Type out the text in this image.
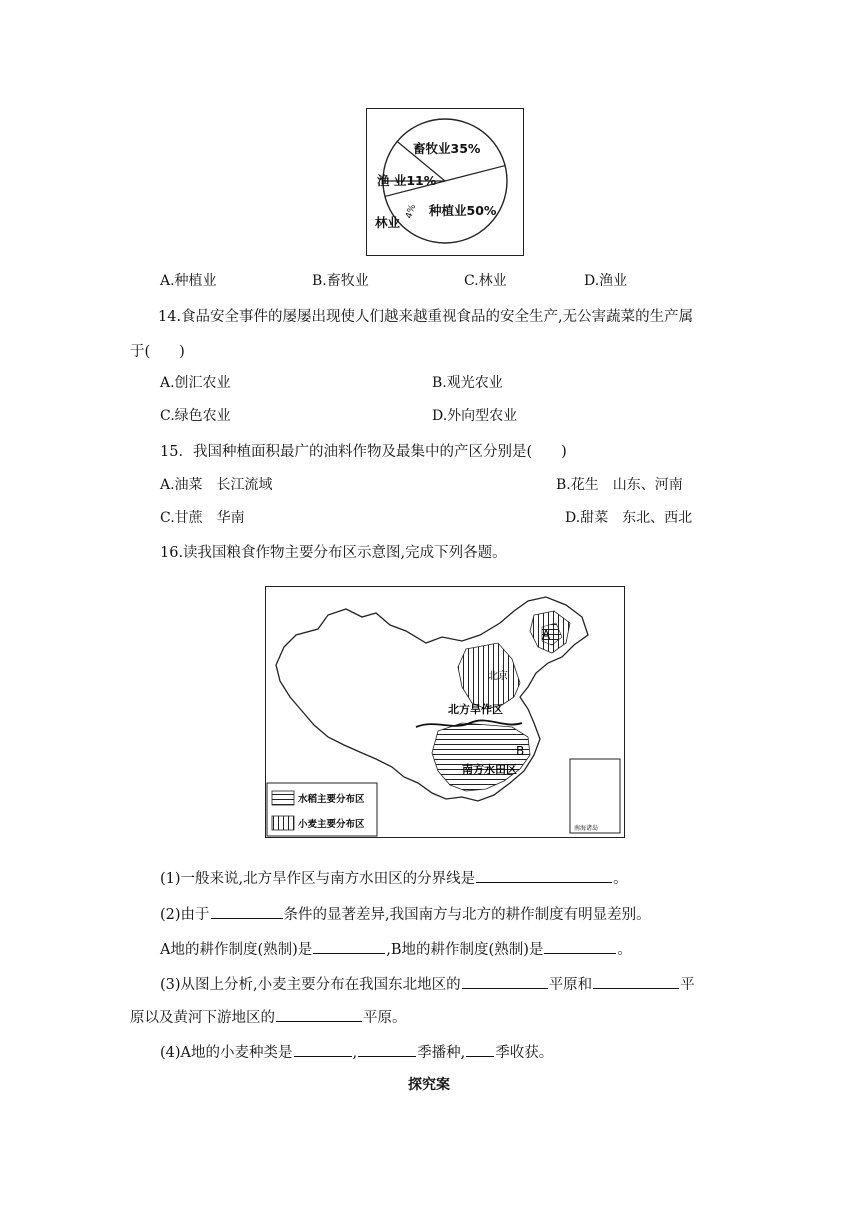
畜牧业35%
渔 业11%
4% 种植业50%
林业
A.种植业	B.畜牧业	C.林业	D.渔业
14.食品安全事件的屡屡出现使人们越来越重视食品的安全生产,无公害蔬菜的生产属
于(　　)
A.创汇农业	B.观光农业
C.绿色农业	D.外向型农业
15．我国种植面积最广的油料作物及最集中的产区分别是(　　)
A.油菜　长江流域	B.花生　山东、河南
C.甘蔗　华南	D.甜菜　东北、西北
16.读我国粮食作物主要分布区示意图,完成下列各题。
北京
北方旱作区
南方水田区
A
B
南海诸岛
水稻主要分布区
小麦主要分布区
(1)一般来说,北方旱作区与南方水田区的分界线是	。
(2)由于	条件的显著差异,我国南方与北方的耕作制度有明显差别。
A地的耕作制度(熟制)是	,B地的耕作制度(熟制)是	。
(3)从图上分析,小麦主要分布在我国东北地区的	平原和	平
原以及黄河下游地区的	平原。
(4)A地的小麦种类是	,	季播种, 季收获。
探究案
